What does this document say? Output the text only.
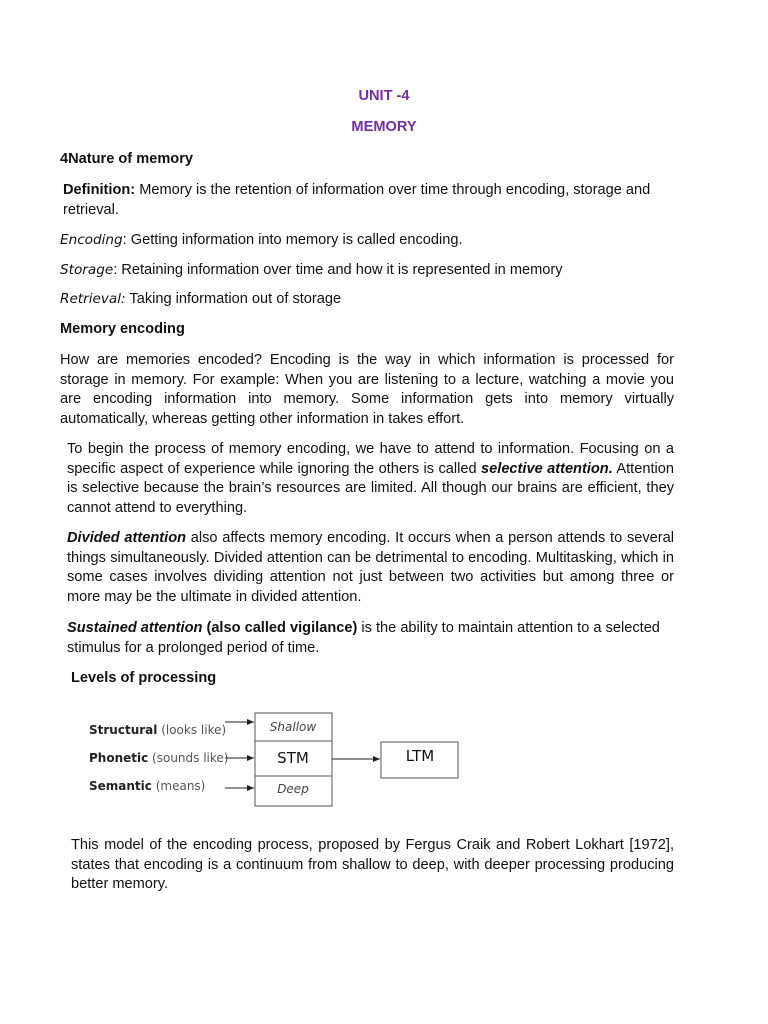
UNIT -4
MEMORY

4Nature of memory

Definition: Memory is the retention of information over time through encoding, storage and retrieval.

Encoding: Getting information into memory is called encoding.

Storage: Retaining information over time and how it is represented in memory

Retrieval: Taking information out of storage

Memory encoding

How are memories encoded? Encoding is the way in which information is processed for storage in memory. For example: When you are listening to a lecture, watching a movie you are encoding information into memory. Some information gets into memory virtually automatically, whereas getting other information in takes effort.

To begin the process of memory encoding, we have to attend to information. Focusing on a specific aspect of experience while ignoring the others is called selective attention. Attention is selective because the brain’s resources are limited. All though our brains are efficient, they cannot attend to everything.

Divided attention also affects memory encoding. It occurs when a person attends to several things simultaneously. Divided attention can be detrimental to encoding. Multitasking, which in some cases involves dividing attention not just between two activities but among three or more may be the ultimate in divided attention.

Sustained attention (also called vigilance) is the ability to maintain attention to a selected stimulus for a prolonged period of time.

Levels of processing

Structural (looks like)
Phonetic (sounds like)
Semantic (means)
Shallow
STM
Deep
LTM

This model of the encoding process, proposed by Fergus Craik and Robert Lokhart [1972], states that encoding is a continuum from shallow to deep, with deeper processing producing better memory.
